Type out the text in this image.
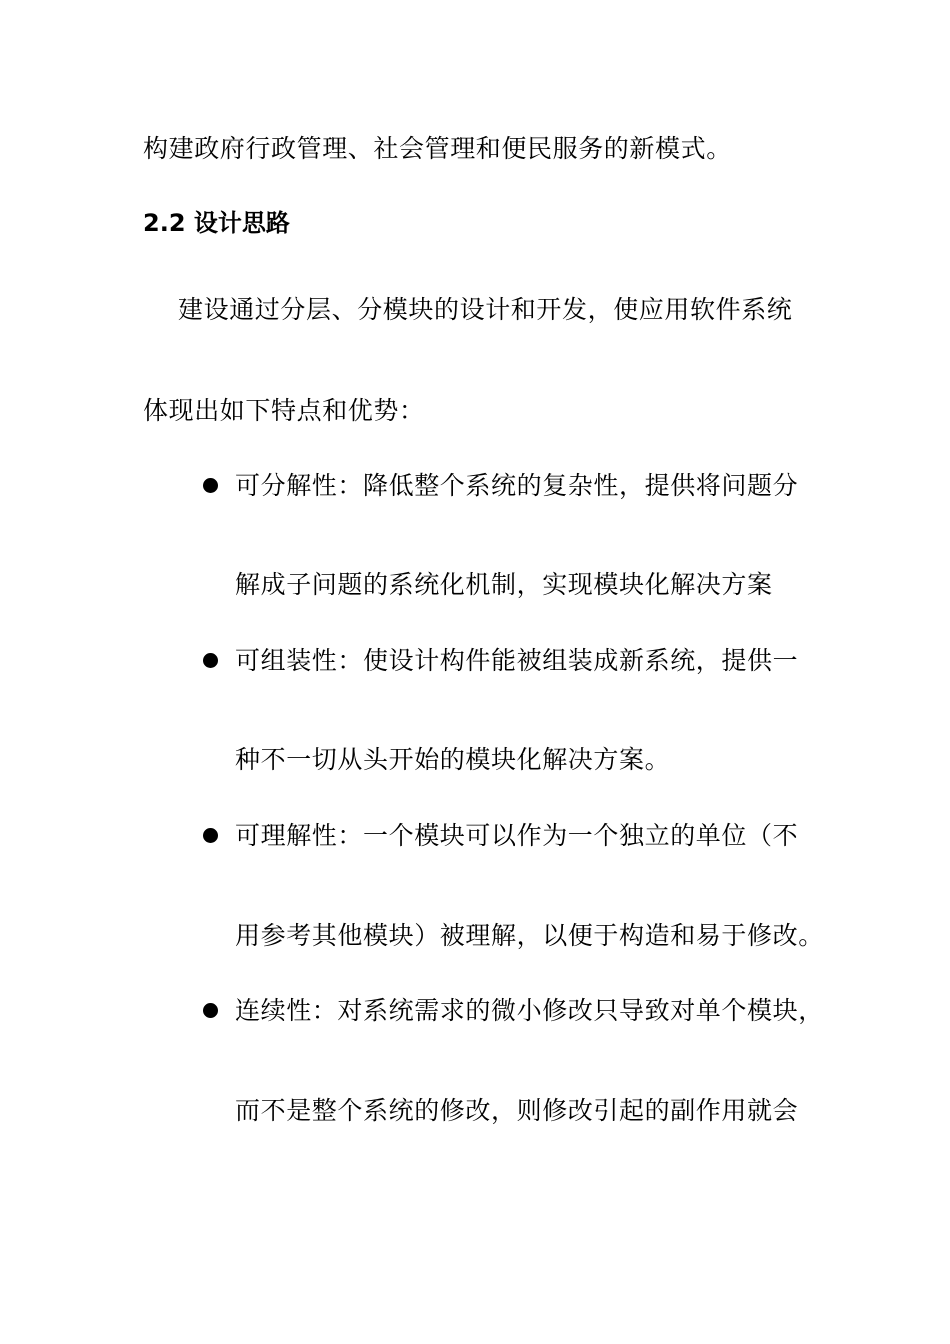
构建政府行政管理、社会管理和便民服务的新模式。
2.2 设计思路
建设通过分层、分模块的设计和开发，使应用软件系统
体现出如下特点和优势：
可分解性：降低整个系统的复杂性，提供将问题分
解成子问题的系统化机制，实现模块化解决方案
可组装性：使设计构件能被组装成新系统，提供一
种不一切从头开始的模块化解决方案。
可理解性：一个模块可以作为一个独立的单位（不
用参考其他模块）被理解，以便于构造和易于修改。
连续性：对系统需求的微小修改只导致对单个模块，
而不是整个系统的修改，则修改引起的副作用就会
